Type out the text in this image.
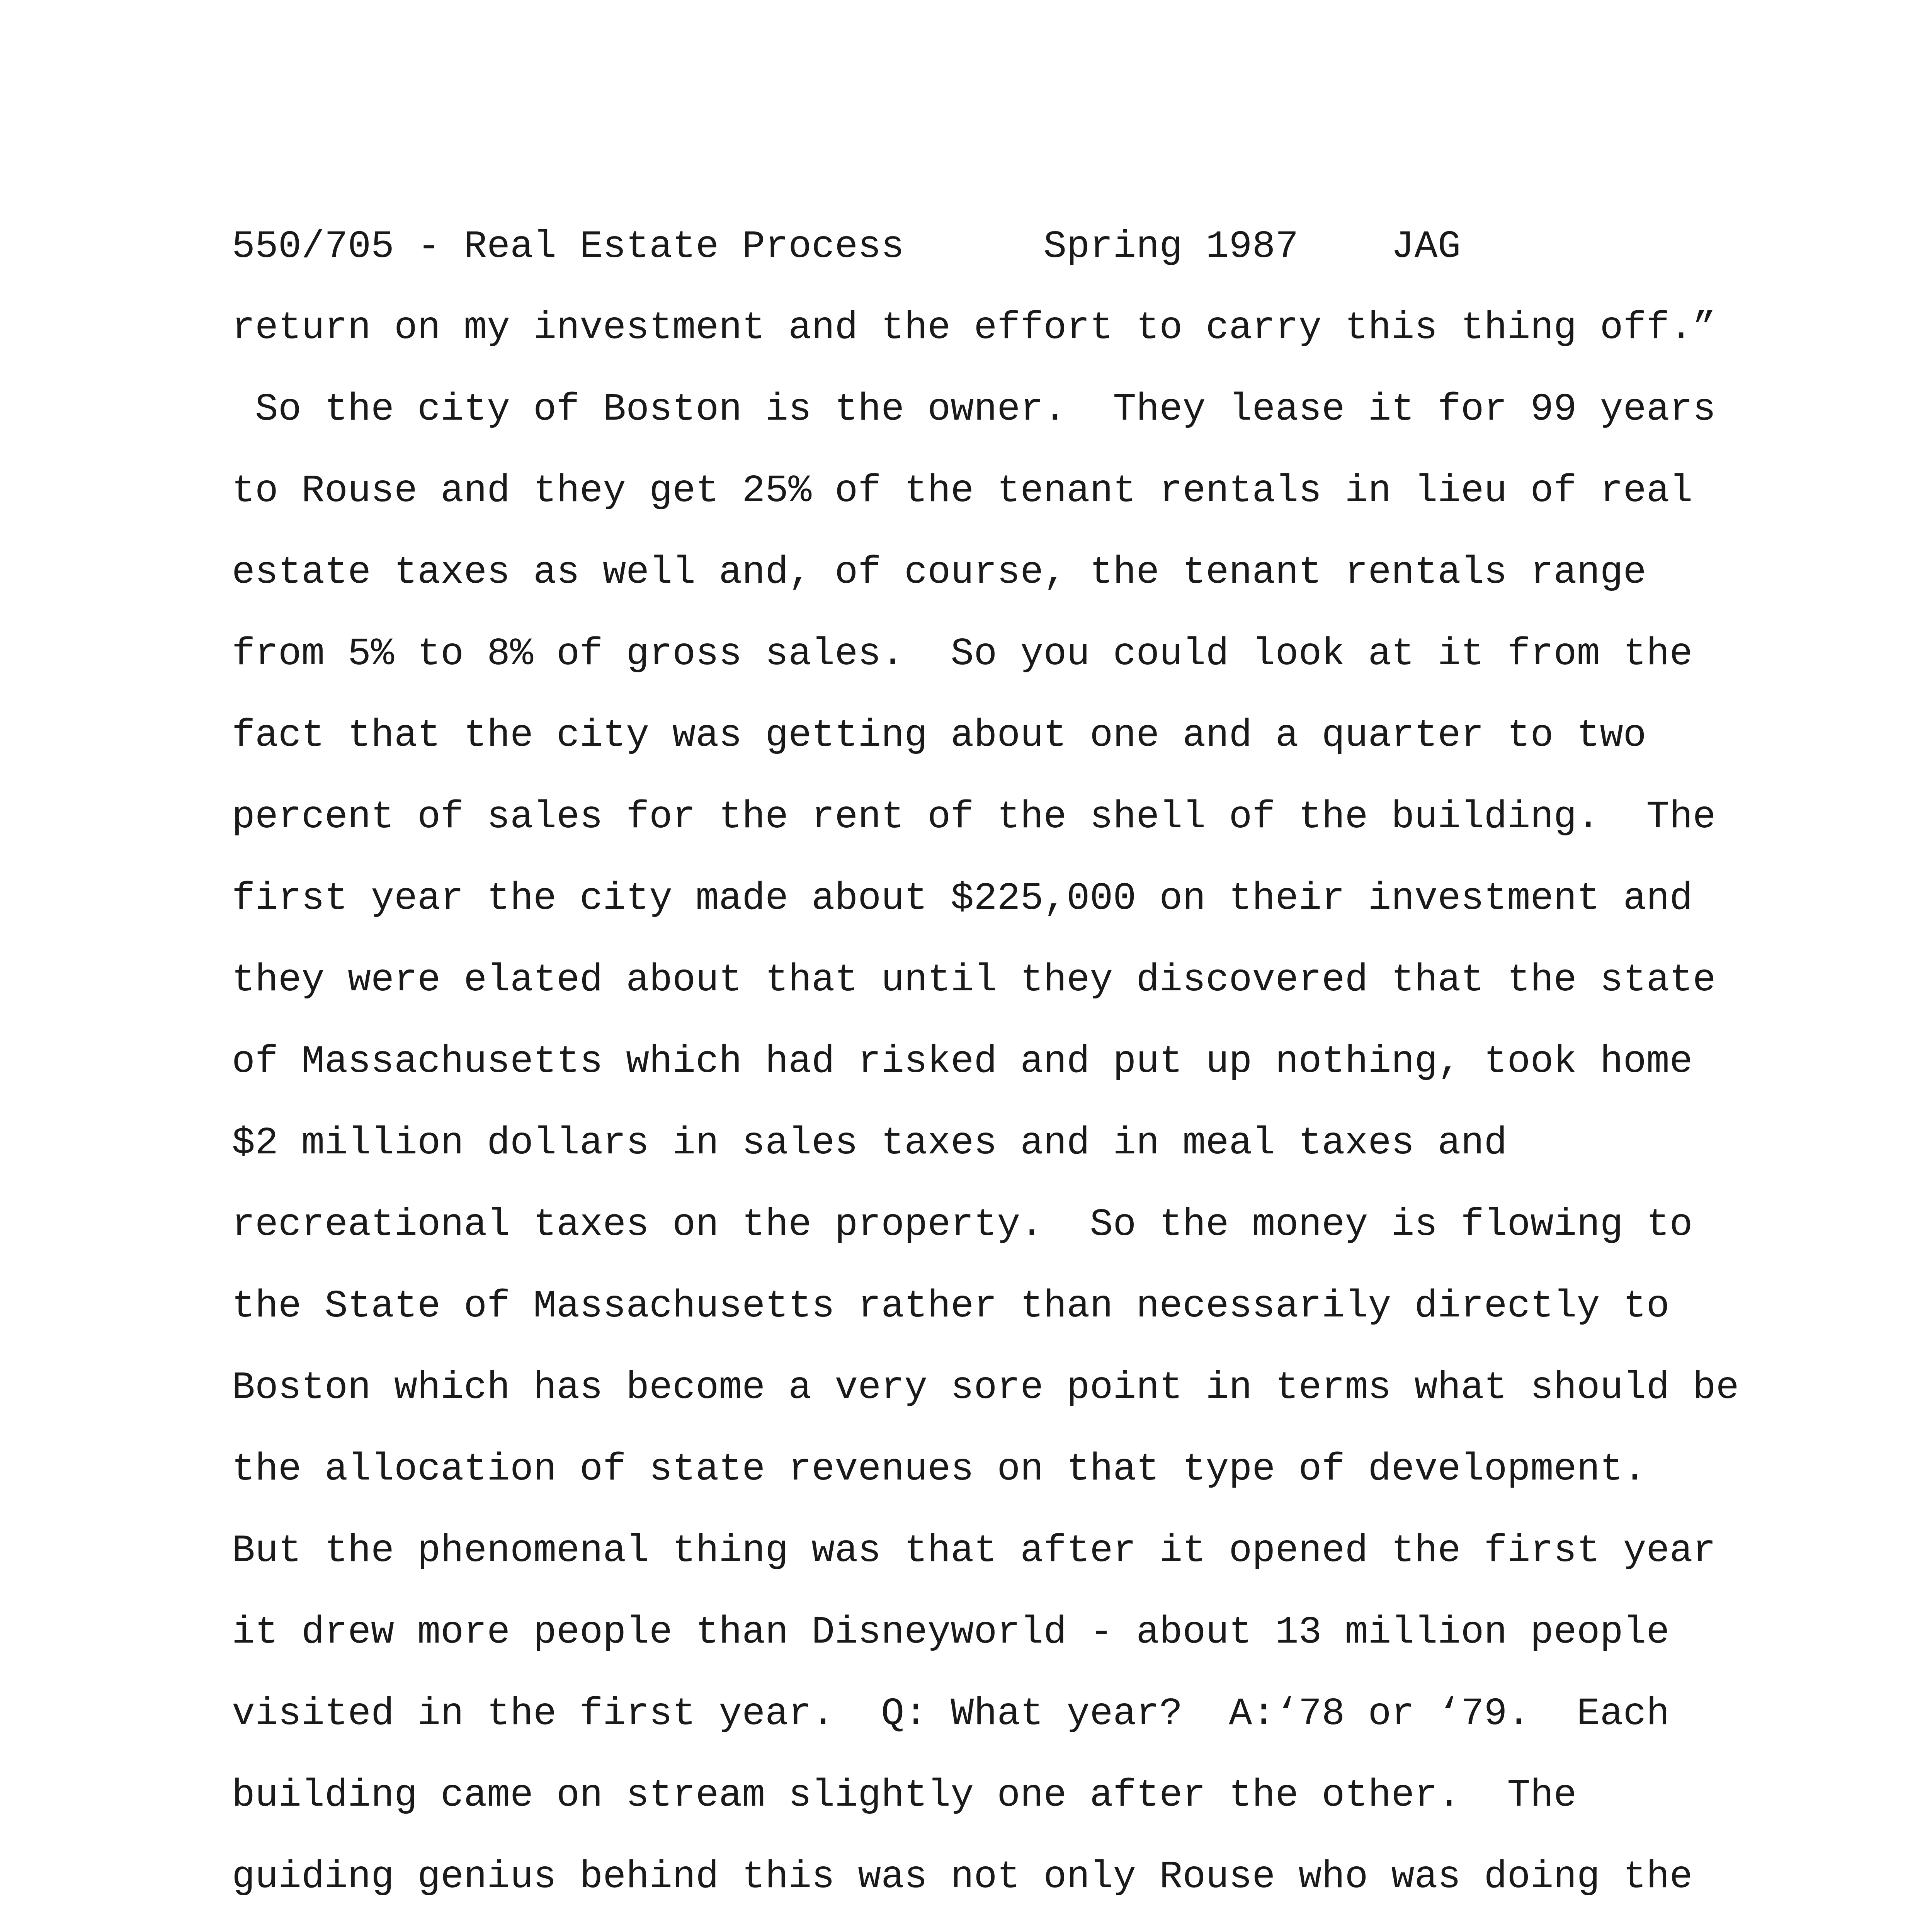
550/705 - Real Estate Process	Spring 1987 JAG
return on my investment and the effort to carry this thing off.”
So the city of Boston is the owner.  They lease it for 99 years
to Rouse and they get 25% of the tenant rentals in lieu of real
estate taxes as well and, of course, the tenant rentals range
from 5% to 8% of gross sales.  So you could look at it from the
fact that the city was getting about one and a quarter to two
percent of sales for the rent of the shell of the building.  The
first year the city made about $225,000 on their investment and
they were elated about that until they discovered that the state
of Massachusetts which had risked and put up nothing, took home
$2 million dollars in sales taxes and in meal taxes and
recreational taxes on the property.  So the money is flowing to
the State of Massachusetts rather than necessarily directly to
Boston which has become a very sore point in terms what should be
the allocation of state revenues on that type of development.
But the phenomenal thing was that after it opened the first year
it drew more people than Disneyworld - about 13 million people
visited in the first year.  Q: What year?  A:‘78 or ‘79.  Each
building came on stream slightly one after the other.  The
guiding genius behind this was not only Rouse who was doing the
